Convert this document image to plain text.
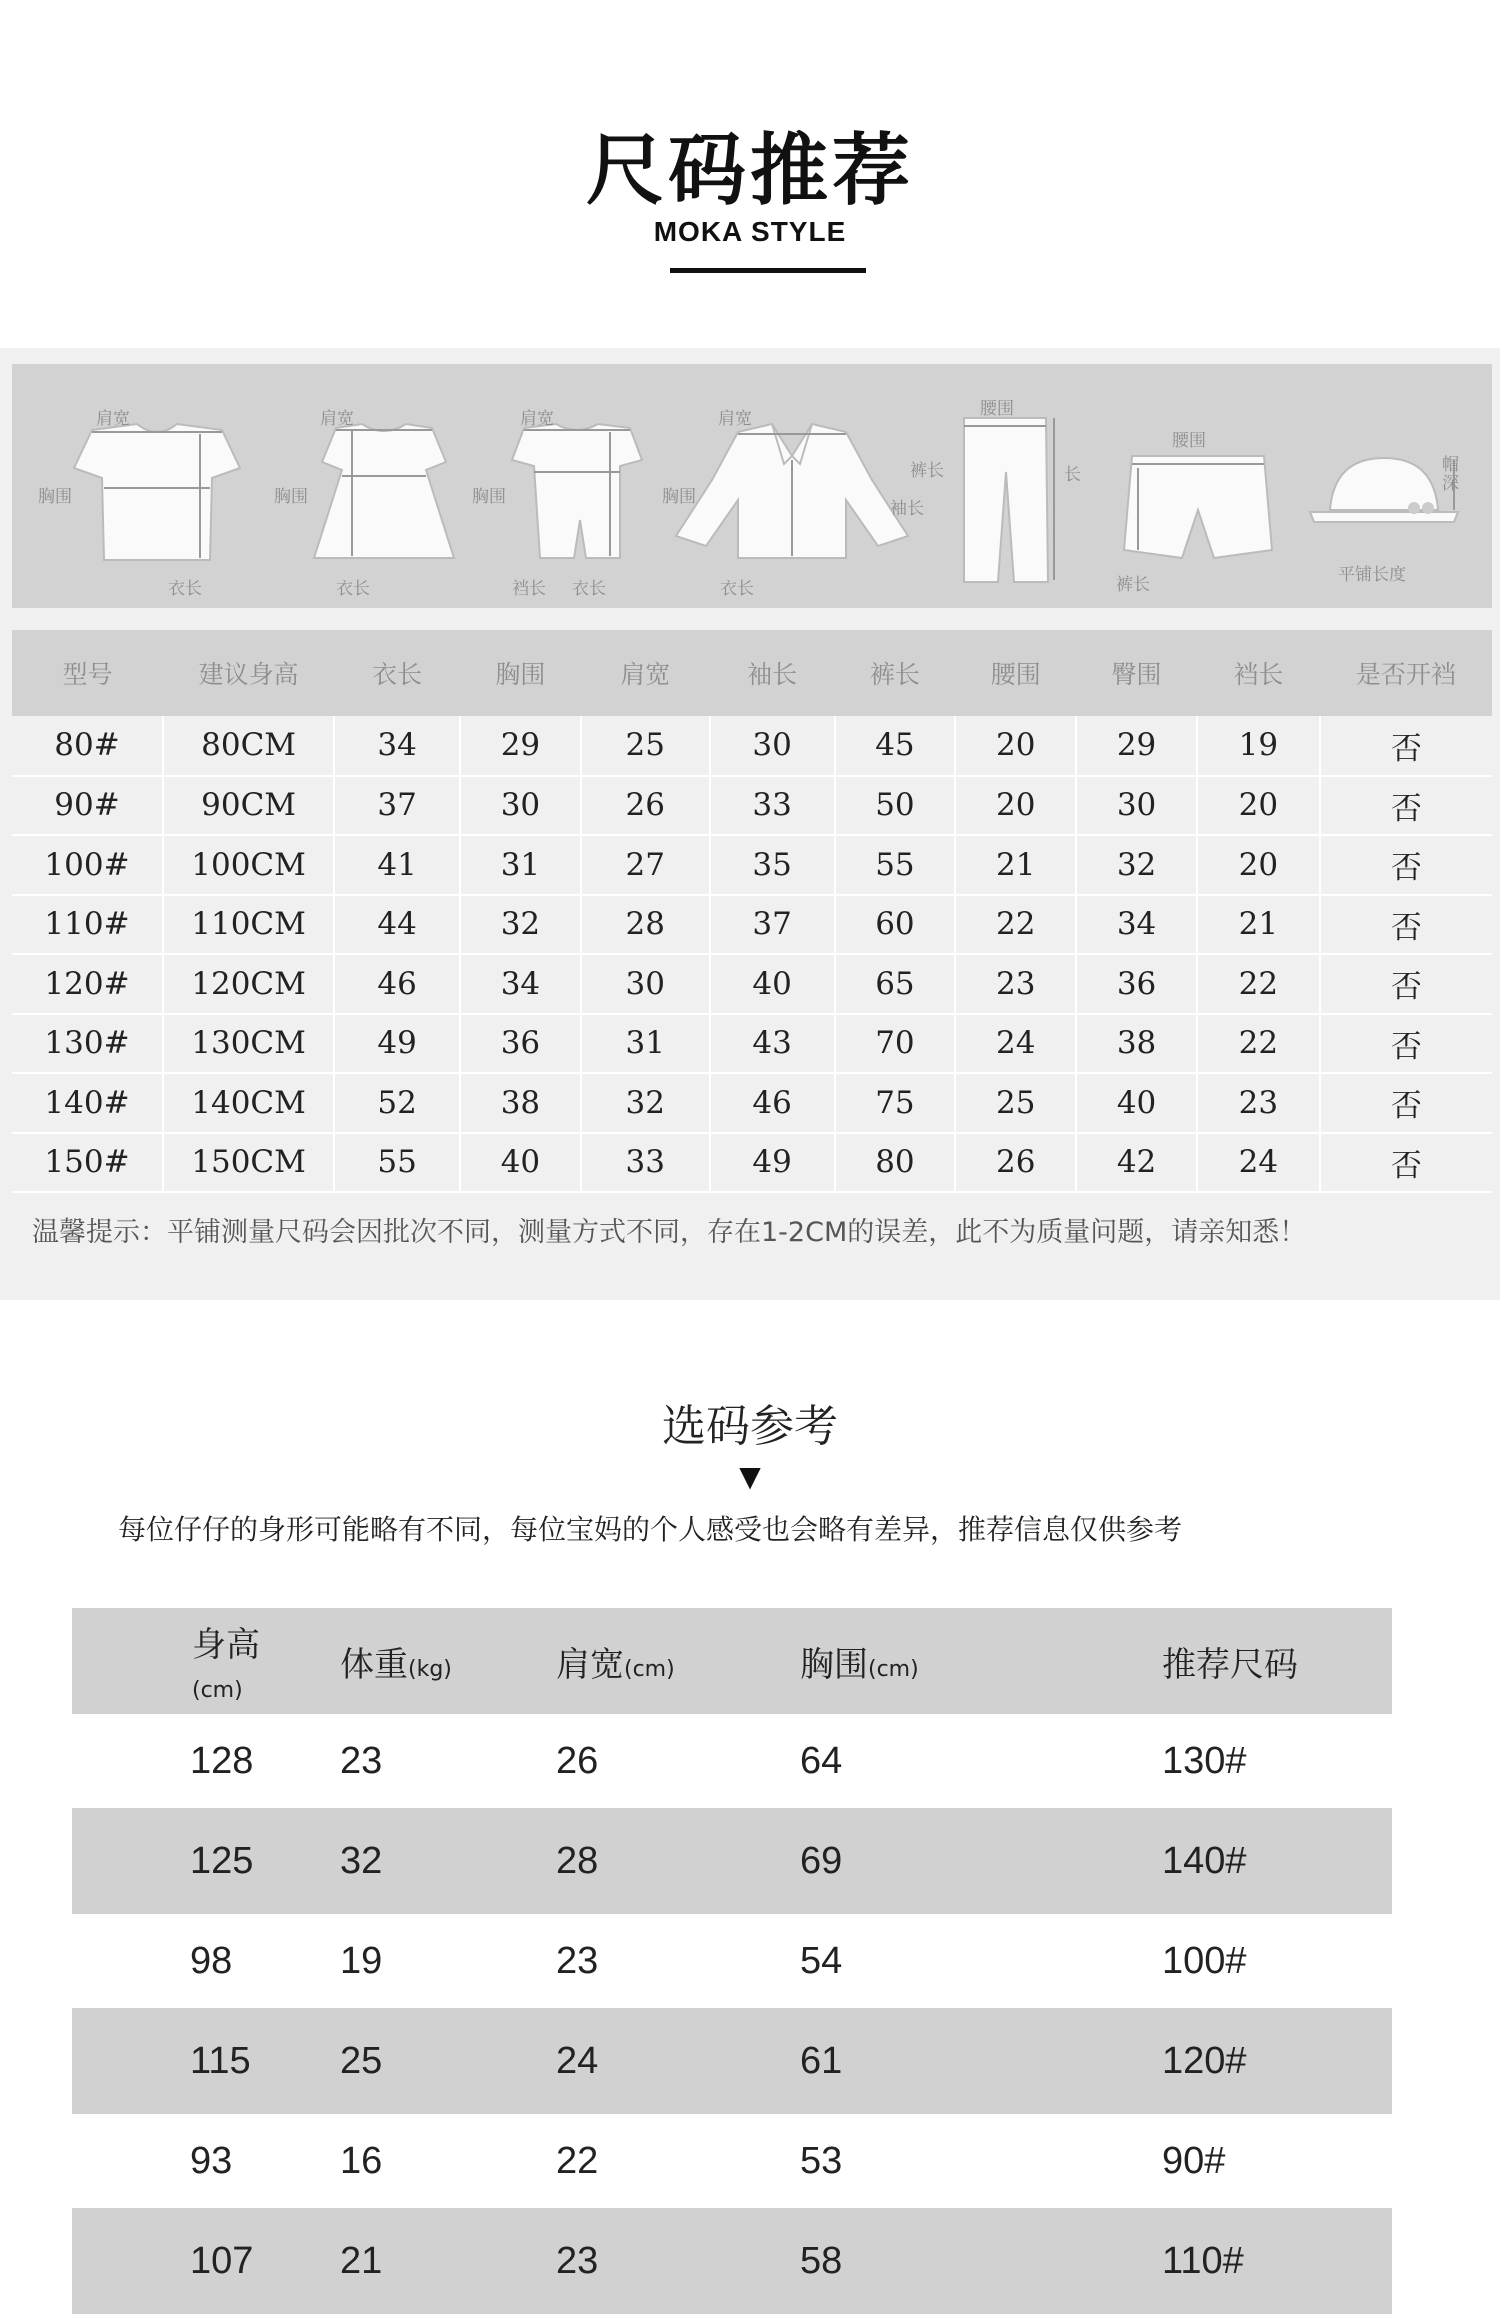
尺码推荐
MOKA STYLE
肩宽
胸围
衣长
肩宽
胸围
衣长
肩宽
胸围
裆长 衣长
肩宽
胸围
袖长
衣长
腰围
裤长	长
腰围
裤长
帽深
平铺长度
型号	建议身高	衣长	胸围	肩宽	袖长	裤长	腰围	臀围	裆长	是否开裆
80#	80CM	34	29	25	30	45	20	29	19	否
90#	90CM	37	30	26	33	50	20	30	20	否
100#	100CM	41	31	27	35	55	21	32	20	否
110#	110CM	44	32	28	37	60	22	34	21	否
120#	120CM	46	34	30	40	65	23	36	22	否
130#	130CM	49	36	31	43	70	24	38	22	否
140#	140CM	52	38	32	46	75	25	40	23	否
150#	150CM	55	40	33	49	80	26	42	24	否
温馨提示：平铺测量尺码会因批次不同，测量方式不同，存在1-2CM的误差，此不为质量问题，请亲知悉！
选码参考
▼
每位仔仔的身形可能略有不同，每位宝妈的个人感受也会略有差异，推荐信息仅供参考
身高(cm)	体重(kg)	肩宽(cm)	胸围(cm)	推荐尺码
128	23	26	64	130#
125	32	28	69	140#
98	19	23	54	100#
115	25	24	61	120#
93	16	22	53	90#
107	21	23	58	110#
